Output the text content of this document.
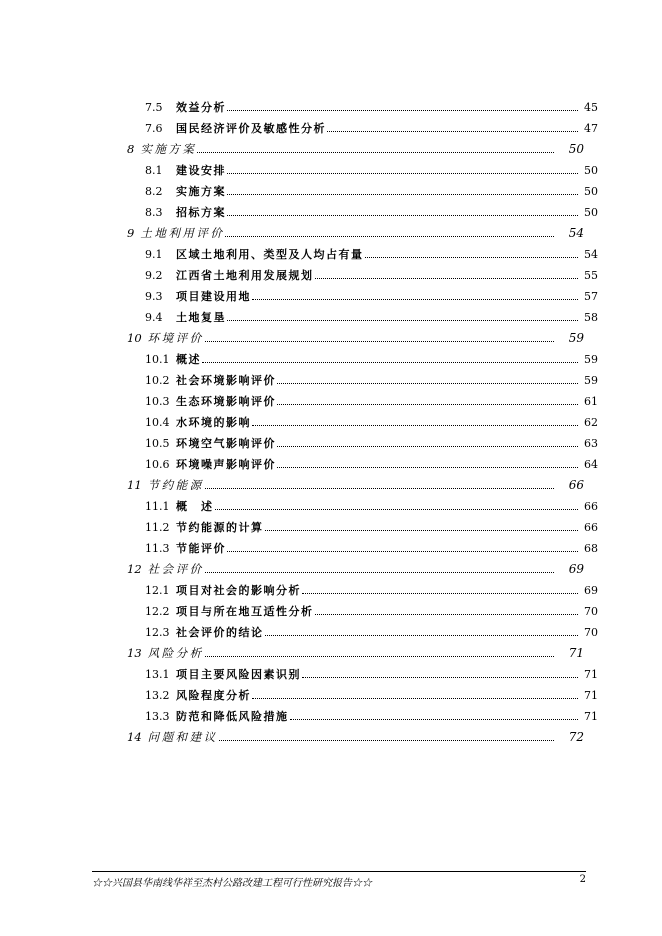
7.5	效益分析	45
7.6	国民经济评价及敏感性分析	47
8 实施方案	50
8.1	建设安排	50
8.2	实施方案	50
8.3	招标方案	50
9 土地利用评价	54
9.1	区域土地利用、类型及人均占有量	54
9.2	江西省土地利用发展规划	55
9.3	项目建设用地	57
9.4	土地复垦	58
10 环境评价	59
10.1 概述	59
10.2 社会环境影响评价	59
10.3 生态环境影响评价	61
10.4 水环境的影响	62
10.5 环境空气影响评价	63
10.6 环境噪声影响评价	64
11 节约能源	66
11.1 概　述	66
11.2 节约能源的计算	66
11.3 节能评价	68
12 社会评价	69
12.1 项目对社会的影响分析	69
12.2 项目与所在地互适性分析	70
12.3 社会评价的结论	70
13 风险分析	71
13.1 项目主要风险因素识别	71
13.2 风险程度分析	71
13.3 防范和降低风险措施	71
14 问题和建议	72
☆☆兴国县华南线华祥至杰村公路改建工程可行性研究报告☆☆	2
